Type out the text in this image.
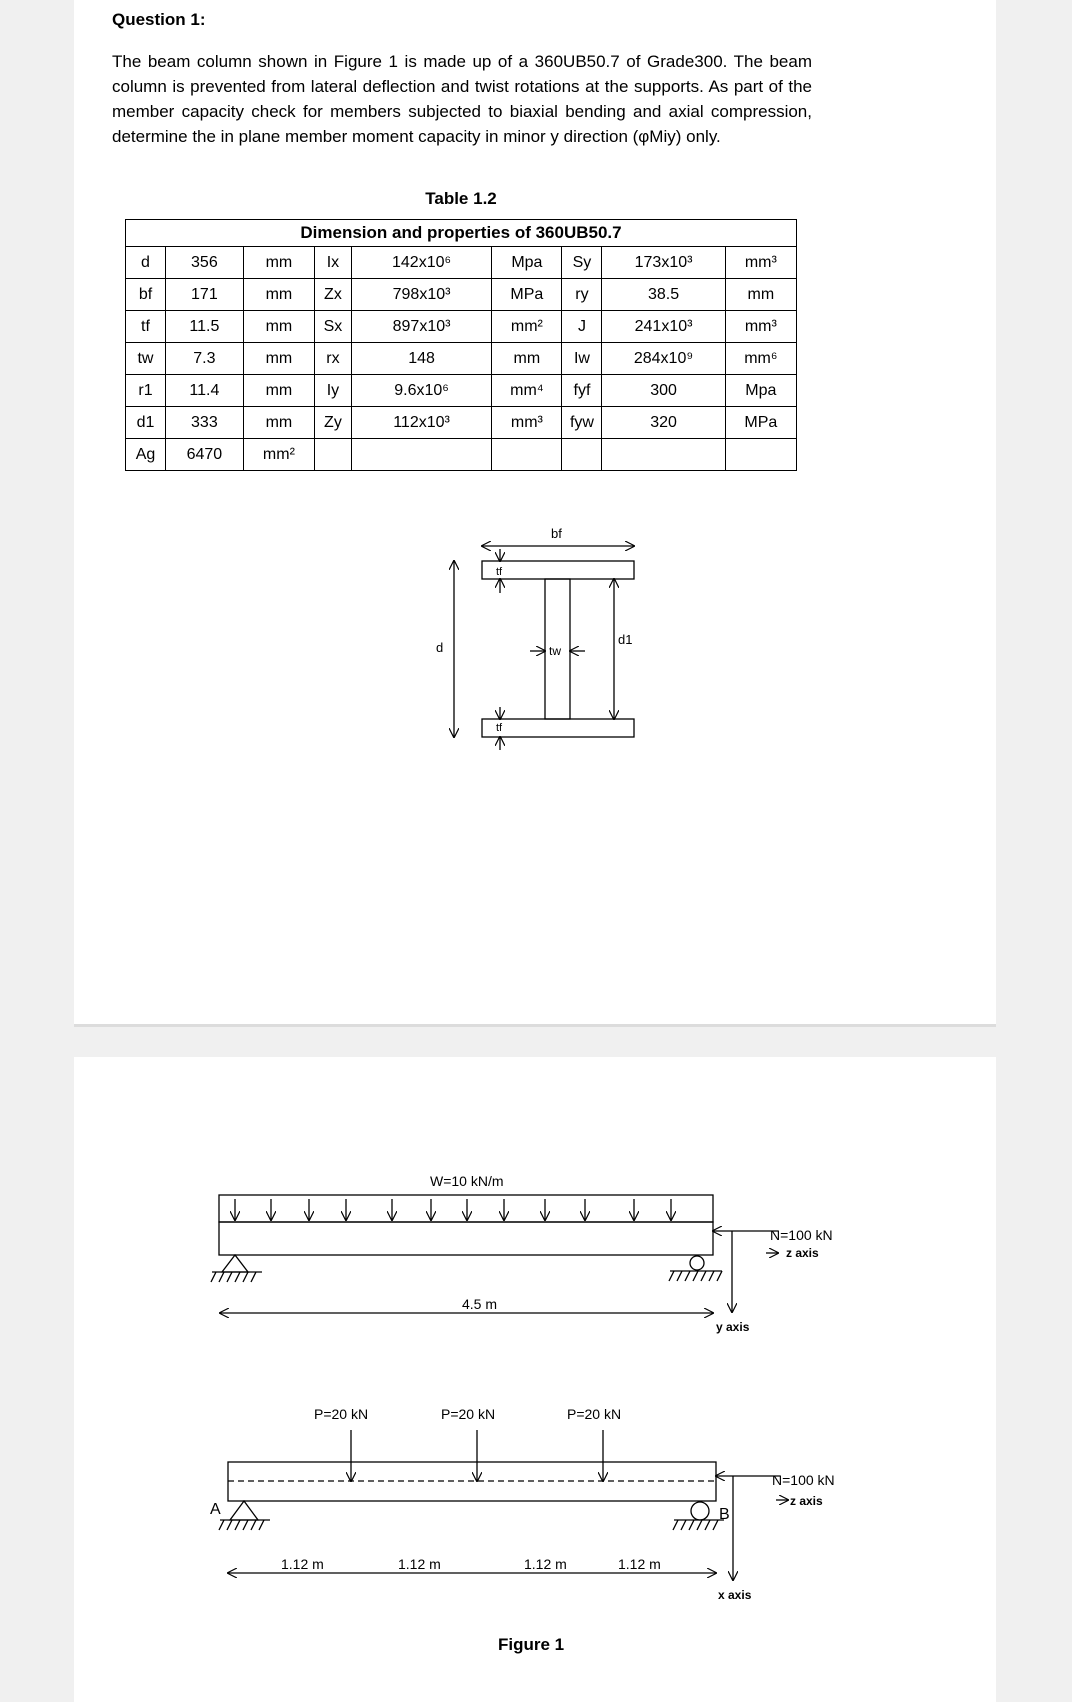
Question 1:
The beam column shown in Figure 1 is made up of a 360UB50.7 of Grade300. The beam column is prevented from lateral deflection and twist rotations at the supports. As part of the member capacity check for members subjected to biaxial bending and axial compression, determine the in plane member moment capacity in minor y direction (φMiy) only.
Table 1.2
Dimension and properties of 360UB50.7								
d	356	mm	Ix	142x10⁶	Mpa	Sy	173x10³	mm³
bf	171	mm	Zx	798x10³	MPa	ry	38.5	mm
tf	11.5	mm	Sx	897x10³	mm²	J	241x10³	mm³
tw	7.3	mm	rx	148	mm	Iw	284x10⁹	mm⁶
r1	11.4	mm	Iy	9.6x10⁶	mm⁴	fyf	300	Mpa
d1	333	mm	Zy	112x10³	mm³	fyw	320	MPa
Ag	6470	mm²						
bf
tf
tf
tw
d
d1
W=10 kN/m
4.5 m
N=100 kN
z axis
y axis
P=20 kN	P=20 kN	P=20 kN
A	B
1.12 m	1.12 m	1.12 m	1.12 m
N=100 kN
z axis
x axis
Figure 1
